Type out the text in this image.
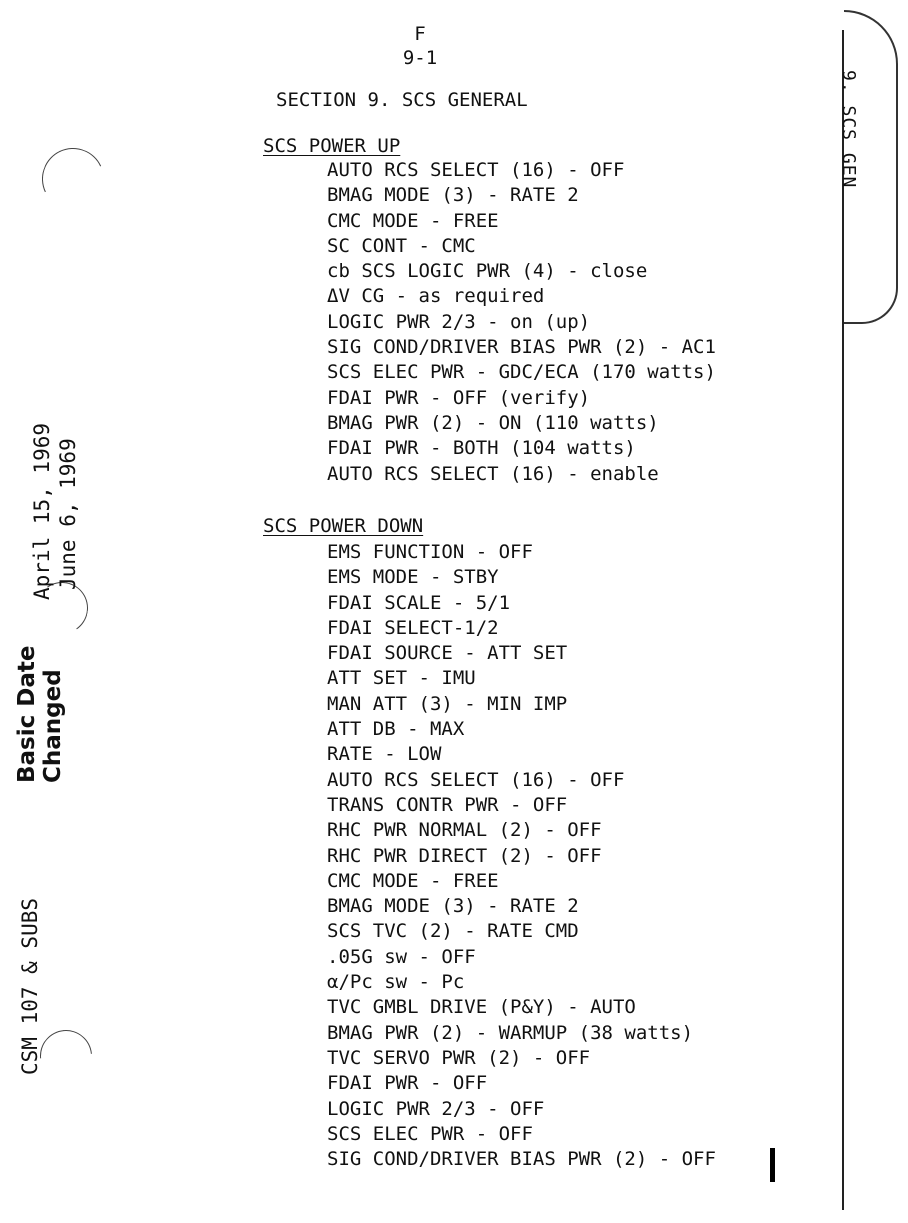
9. SCS GEN
F
9-1
SECTION 9. SCS GENERAL
SCS POWER UP
AUTO RCS SELECT (16) - OFF
BMAG MODE (3) - RATE 2
CMC MODE - FREE
SC CONT - CMC
cb SCS LOGIC PWR (4) - close
ΔV CG - as required
LOGIC PWR 2/3 - on (up)
SIG COND/DRIVER BIAS PWR (2) - AC1
SCS ELEC PWR - GDC/ECA (170 watts)
FDAI PWR - OFF (verify)
BMAG PWR (2) - ON (110 watts)
FDAI PWR - BOTH (104 watts)
AUTO RCS SELECT (16) - enable
SCS POWER DOWN
EMS FUNCTION - OFF
EMS MODE - STBY
FDAI SCALE - 5/1
FDAI SELECT-1/2
FDAI SOURCE - ATT SET
ATT SET - IMU
MAN ATT (3) - MIN IMP
ATT DB - MAX
RATE - LOW
AUTO RCS SELECT (16) - OFF
TRANS CONTR PWR - OFF
RHC PWR NORMAL (2) - OFF
RHC PWR DIRECT (2) - OFF
CMC MODE - FREE
BMAG MODE (3) - RATE 2
SCS TVC (2) - RATE CMD
.05G sw - OFF
α/Pc sw - Pc
TVC GMBL DRIVE (P&Y) - AUTO
BMAG PWR (2) - WARMUP (38 watts)
TVC SERVO PWR (2) - OFF
FDAI PWR - OFF
LOGIC PWR 2/3 - OFF
SCS ELEC PWR - OFF
SIG COND/DRIVER BIAS PWR (2) - OFF
Basic Date Changed
April 15, 1969 June 6, 1969
CSM 107 & SUBS
